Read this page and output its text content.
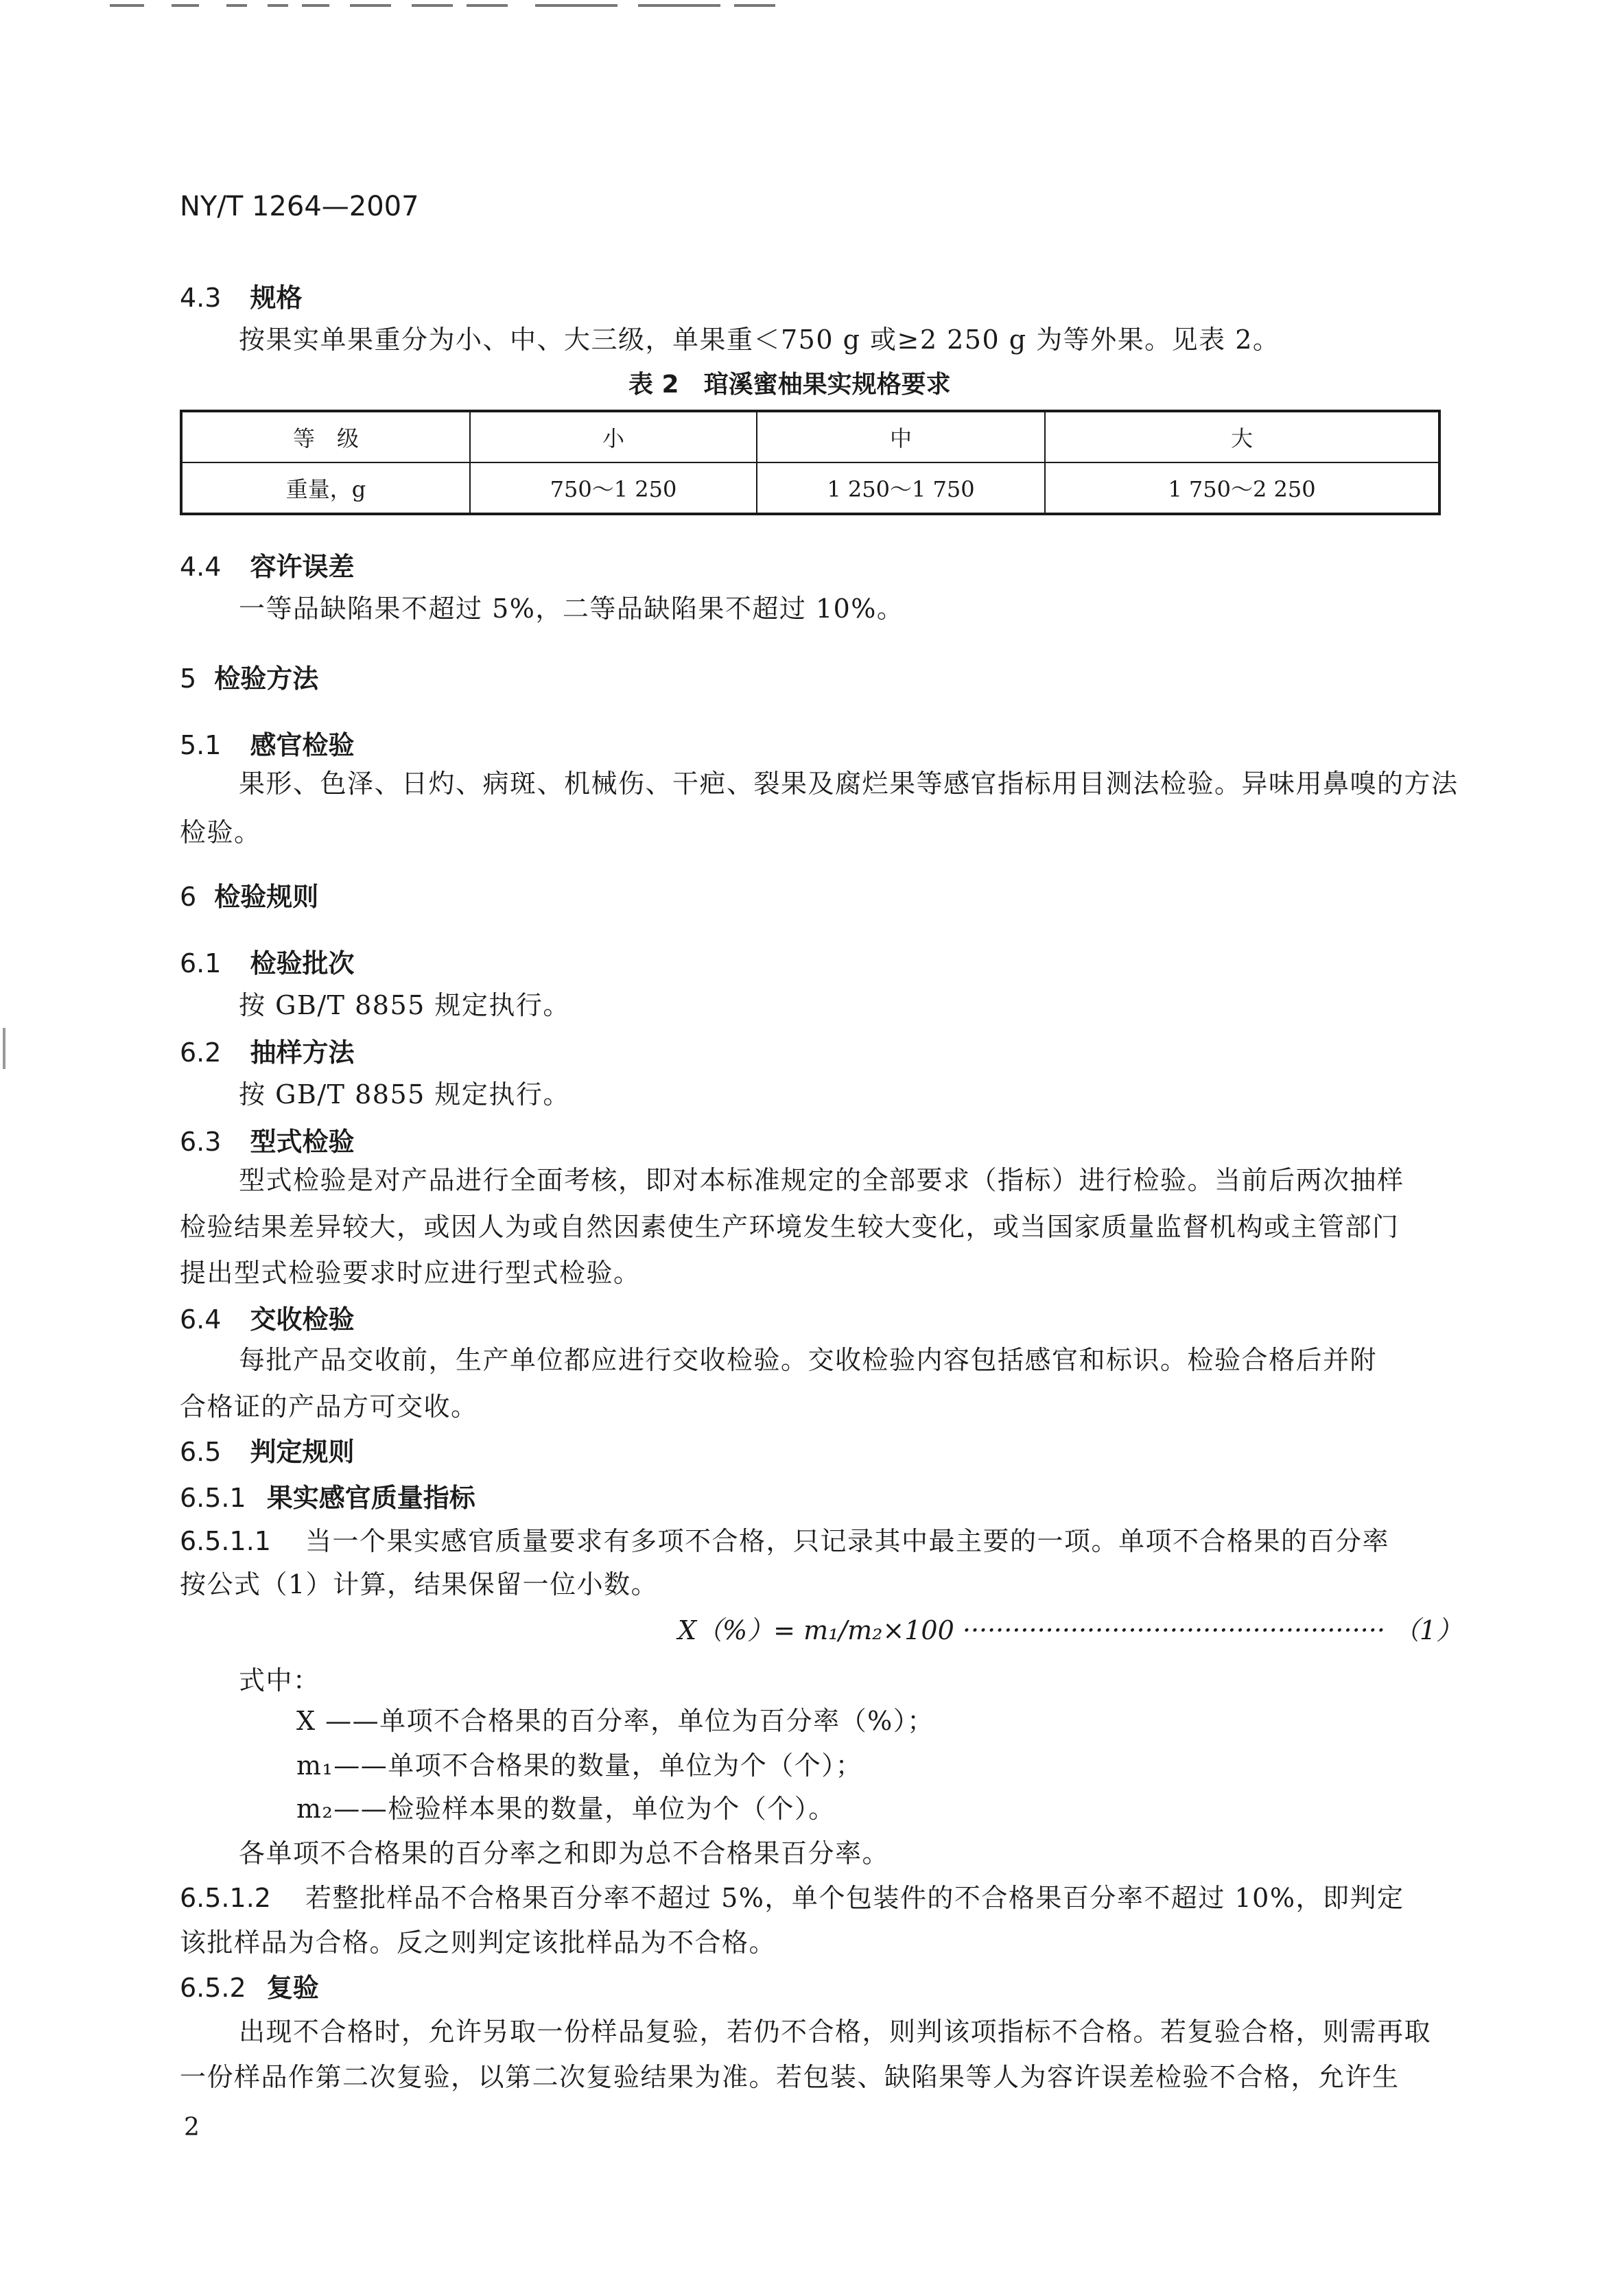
NY/T 1264—2007
4.3 规格
按果实单果重分为小、中、大三级，单果重＜750 g 或≥2 250 g 为等外果。见表 2。
表 2　琯溪蜜柚果实规格要求
等　级	小	中	大
重量，g	750～1 250	1 250～1 750	1 750～2 250
4.4 容许误差
一等品缺陷果不超过 5%，二等品缺陷果不超过 10%。
5 检验方法
5.1 感官检验
果形、色泽、日灼、病斑、机械伤、干疤、裂果及腐烂果等感官指标用目测法检验。异味用鼻嗅的方法
检验。
6 检验规则
6.1 检验批次
按 GB/T 8855 规定执行。
6.2 抽样方法
按 GB/T 8855 规定执行。
6.3 型式检验
型式检验是对产品进行全面考核，即对本标准规定的全部要求（指标）进行检验。当前后两次抽样
检验结果差异较大，或因人为或自然因素使生产环境发生较大变化，或当国家质量监督机构或主管部门
提出型式检验要求时应进行型式检验。
6.4 交收检验
每批产品交收前，生产单位都应进行交收检验。交收检验内容包括感官和标识。检验合格后并附
合格证的产品方可交收。
6.5 判定规则
6.5.1 果实感官质量指标
6.5.1.1 当一个果实感官质量要求有多项不合格，只记录其中最主要的一项。单项不合格果的百分率
按公式（1）计算，结果保留一位小数。
X（%）= m₁/m₂×100 ··················································· （1）
式中：
X ——单项不合格果的百分率，单位为百分率（%）；
m₁——单项不合格果的数量，单位为个（个）；
m₂——检验样本果的数量，单位为个（个）。
各单项不合格果的百分率之和即为总不合格果百分率。
6.5.1.2 若整批样品不合格果百分率不超过 5%，单个包装件的不合格果百分率不超过 10%，即判定
该批样品为合格。反之则判定该批样品为不合格。
6.5.2 复验
出现不合格时，允许另取一份样品复验，若仍不合格，则判该项指标不合格。若复验合格，则需再取
一份样品作第二次复验，以第二次复验结果为准。若包装、缺陷果等人为容许误差检验不合格，允许生
2
